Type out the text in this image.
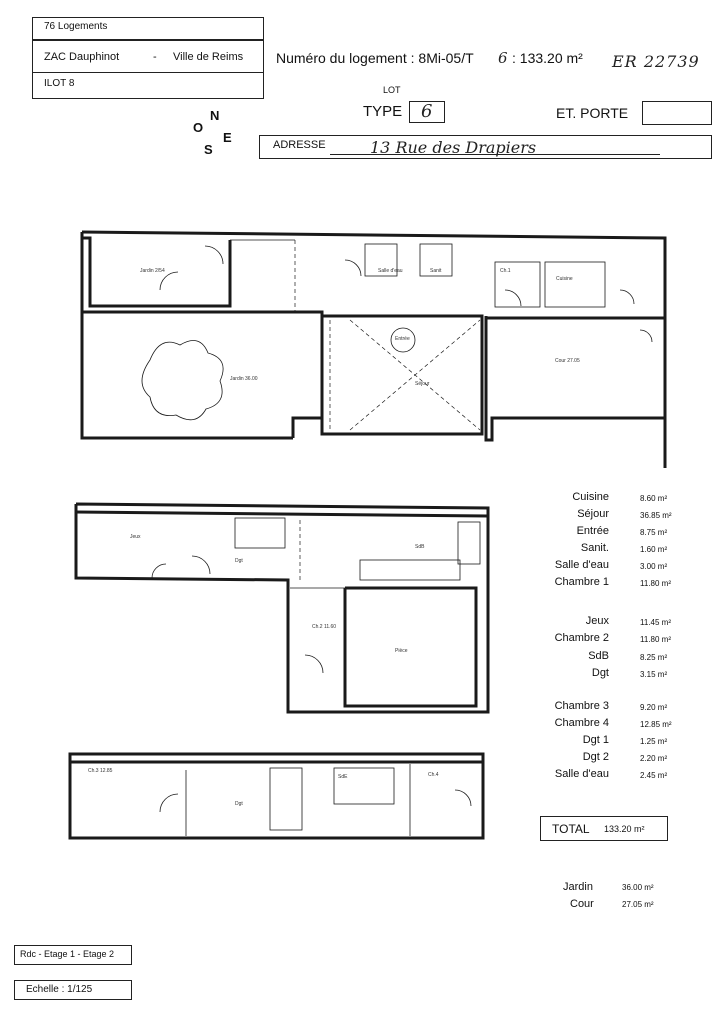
76 Logements
ZAC Dauphinot	- Ville de Reims
ILOT 8
Numéro du logement : 8Mi-05/T 6 : 133.20 m² ER 22739
LOT
TYPE 6	ET. PORTE
ADRESSE	13 Rue des Drapiers
N
O
E
S
Jardin 2/54
Jardin 36.00
Séjour
Cour 27.05
Cuisine
Ch.1
Salle d'eau	Sanit
Entrée
Jeux
Dgt
SdB
Ch.2 11.60
Pièce
Ch.3 12.85
Dgt
SdE	Ch.4
Cuisine	8.60 m²
Séjour	36.85 m²
Entrée	8.75 m²
Sanit.	1.60 m²
Salle d'eau	3.00 m²
Chambre 1	11.80 m²
Jeux	11.45 m²
Chambre 2	11.80 m²
SdB	8.25 m²
Dgt	3.15 m²
Chambre 3	9.20 m²
Chambre 4	12.85 m²
Dgt 1	1.25 m²
Dgt 2	2.20 m²
Salle d'eau	2.45 m²
TOTAL 133.20 m²
Jardin	36.00 m²
Cour	27.05 m²
Rdc - Etage 1 - Etage 2
Echelle : 1/125
